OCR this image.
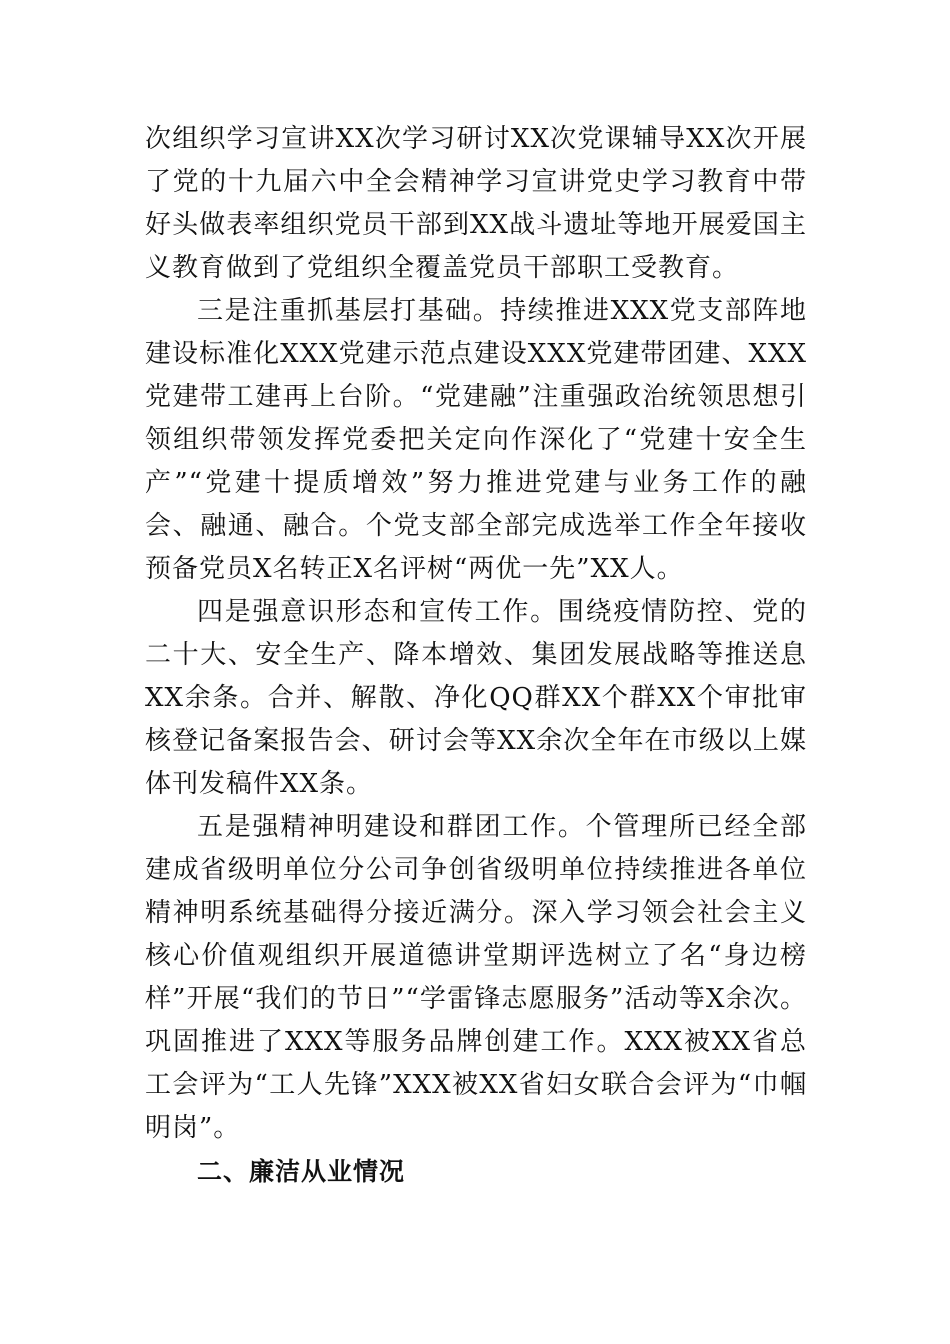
次组织学习宣讲XX次学习研讨XX次党课辅导XX次开展了党的十九届六中全会精神学习宣讲党史学习教育中带好头做表率组织党员干部到XX战斗遗址等地开展爱国主义教育做到了党组织全覆盖党员干部职工受教育。

三是注重抓基层打基础。持续推进XXX党支部阵地建设标准化XXX党建示范点建设XXX党建带团建、XXX党建带工建再上台阶。“党建融”注重强政治统领思想引领组织带领发挥党委把关定向作深化了“党建十安全生产”“党建十提质增效”努力推进党建与业务工作的融会、融通、融合。个党支部全部完成选举工作全年接收预备党员X名转正X名评树“两优一先”XX人。

四是强意识形态和宣传工作。围绕疫情防控、党的二十大、安全生产、降本增效、集团发展战略等推送息XX余条。合并、解散、净化QQ群XX个群XX个审批审核登记备案报告会、研讨会等XX余次全年在市级以上媒体刊发稿件XX条。

五是强精神明建设和群团工作。个管理所已经全部建成省级明单位分公司争创省级明单位持续推进各单位精神明系统基础得分接近满分。深入学习领会社会主义核心价值观组织开展道德讲堂期评选树立了名“身边榜样”开展“我们的节日”“学雷锋志愿服务”活动等X余次。巩固推进了XXX等服务品牌创建工作。XXX被XX省总工会评为“工人先锋”XXX被XX省妇女联合会评为“巾帼明岗”。

二、廉洁从业情况
